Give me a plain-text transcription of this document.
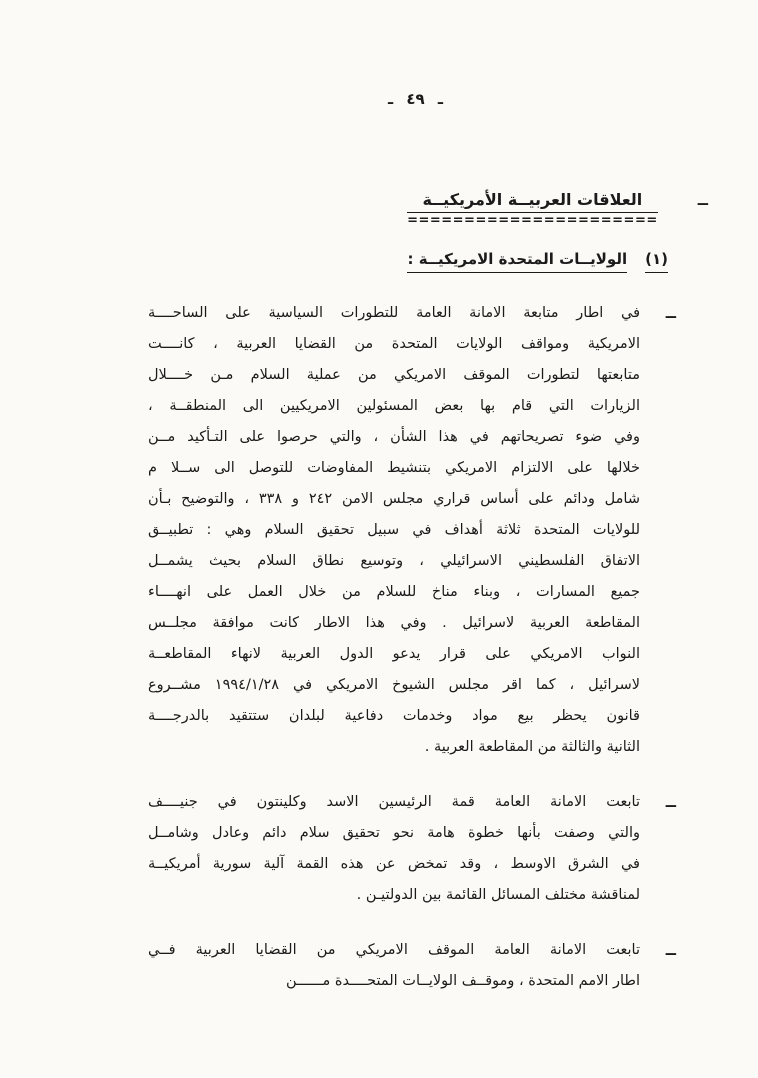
ـ ٤٩ ـ
ــ
العلاقات العربيــة الأمريكيــة
======================
(١)
الولايــات المتحدة الامريكيــة :
ــ
في اطار متابعة الامانة العامة للتطورات السياسية على الساحــــة
الامريكية ومواقف الولايات المتحدة من القضايا العربية ، كانــــت
متابعتها لتطورات الموقف الامريكي من عملية السلام مـن خــــلال
الزيارات التي قام بها بعض المسئولين الامريكيين الى المنطقــة ،
وفي ضوء تصريحاتهم في هذا الشأن ، والتي حرصوا على التـأكيد مــن
خلالها على الالتزام الامريكي بتنشيط المفاوضات للتوصل الى ســلا م
شامل ودائم على أساس قراري مجلس الامن ٢٤٢ و ٣٣٨ ، والتوضيح بـأن
للولايات المتحدة ثلاثة أهداف في سبيل تحقيق السلام وهي : تطبيــق
الاتفاق الفلسطيني الاسرائيلي ، وتوسيع نطاق السلام بحيث يشمــل
جميع المسارات ، وبناء مناخ للسلام من خلال العمل على انهــــاء
المقاطعة العربية لاسرائيل . وفي هذا الاطار كانت موافقة مجلــس
النواب الامريكي على قرار يدعو الدول العربية لانهاء المقاطعــة
لاسرائيل ، كما اقر مجلس الشيوخ الامريكي في ١٩٩٤/١/٢٨ مشــروع
قانون يحظر بيع مواد وخدمات دفاعية لبلدان ستتقيد بالدرجــــة
الثانية والثالثة من المقاطعة العربية .
ــ
تابعت الامانة العامة قمة الرئيسين الاسد وكلينتون في جنيــــف
والتي وصفت بأنها خطوة هامة نحو تحقيق سلام دائم وعادل وشامــل
في الشرق الاوسط ، وقد تمخض عن هذه القمة آلية سورية أمريكيــة
لمناقشة مختلف المسائل القائمة بين الدولتيـن .
ــ
تابعت الامانة العامة الموقف الامريكي من القضايا العربية فــي
اطار الامم المتحدة ، وموقــف الولايــات المتحــــدة مــــــن
